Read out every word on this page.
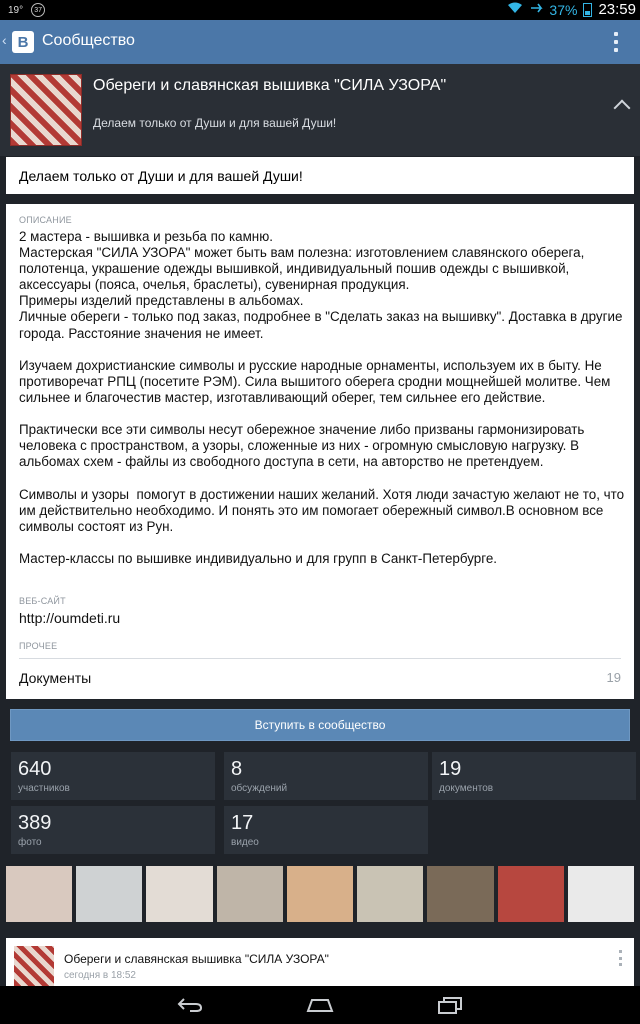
19°	37	37% 23:59
‹ B Сообщество
Обереги и славянская вышивка "СИЛА УЗОРА"
Делаем только от Души и для вашей Души!
Делаем только от Души и для вашей Души!
ОПИСАНИЕ
2 мастера - вышивка и резьба по камню.
Мастерская "СИЛА УЗОРА" может быть вам полезна: изготовлением славянского оберега, полотенца, украшение одежды вышивкой, индивидуальный пошив одежды с вышивкой, аксессуары (пояса, очелья, браслеты), сувенирная продукция.
Примеры изделий представлены в альбомах.
Личные обереги - только под заказ, подробнее в "Сделать заказ на вышивку". Доставка в другие города. Расстояние значения не имеет.

Изучаем дохристианские символы и русские народные орнаменты, используем их в быту. Не противоречат РПЦ (посетите РЭМ). Сила вышитого оберега сродни мощнейшей молитве. Чем сильнее и благочестив мастер, изготавливающий оберег, тем сильнее его действие.

Практически все эти символы несут обережное значение либо призваны гармонизировать человека с пространством, а узоры, сложенные из них - огромную смысловую нагрузку. В альбомах схем - файлы из свободного доступа в сети, на авторство не претендуем.

Символы и узоры  помогут в достижении наших желаний. Хотя люди зачастую желают не то, что им действительно необходимо. И понять это им помогает обережный символ.В основном все символы состоят из Рун.

Мастер-классы по вышивке индивидуально и для групп в Санкт-Петербурге.
ВЕБ-САЙТ
http://oumdeti.ru
ПРОЧЕЕ
Документы	19
Вступить в сообщество
640
участников
8
обсуждений
19
документов
389
фото
17
видео
Обереги и славянская вышивка "СИЛА УЗОРА"
сегодня в 18:52
